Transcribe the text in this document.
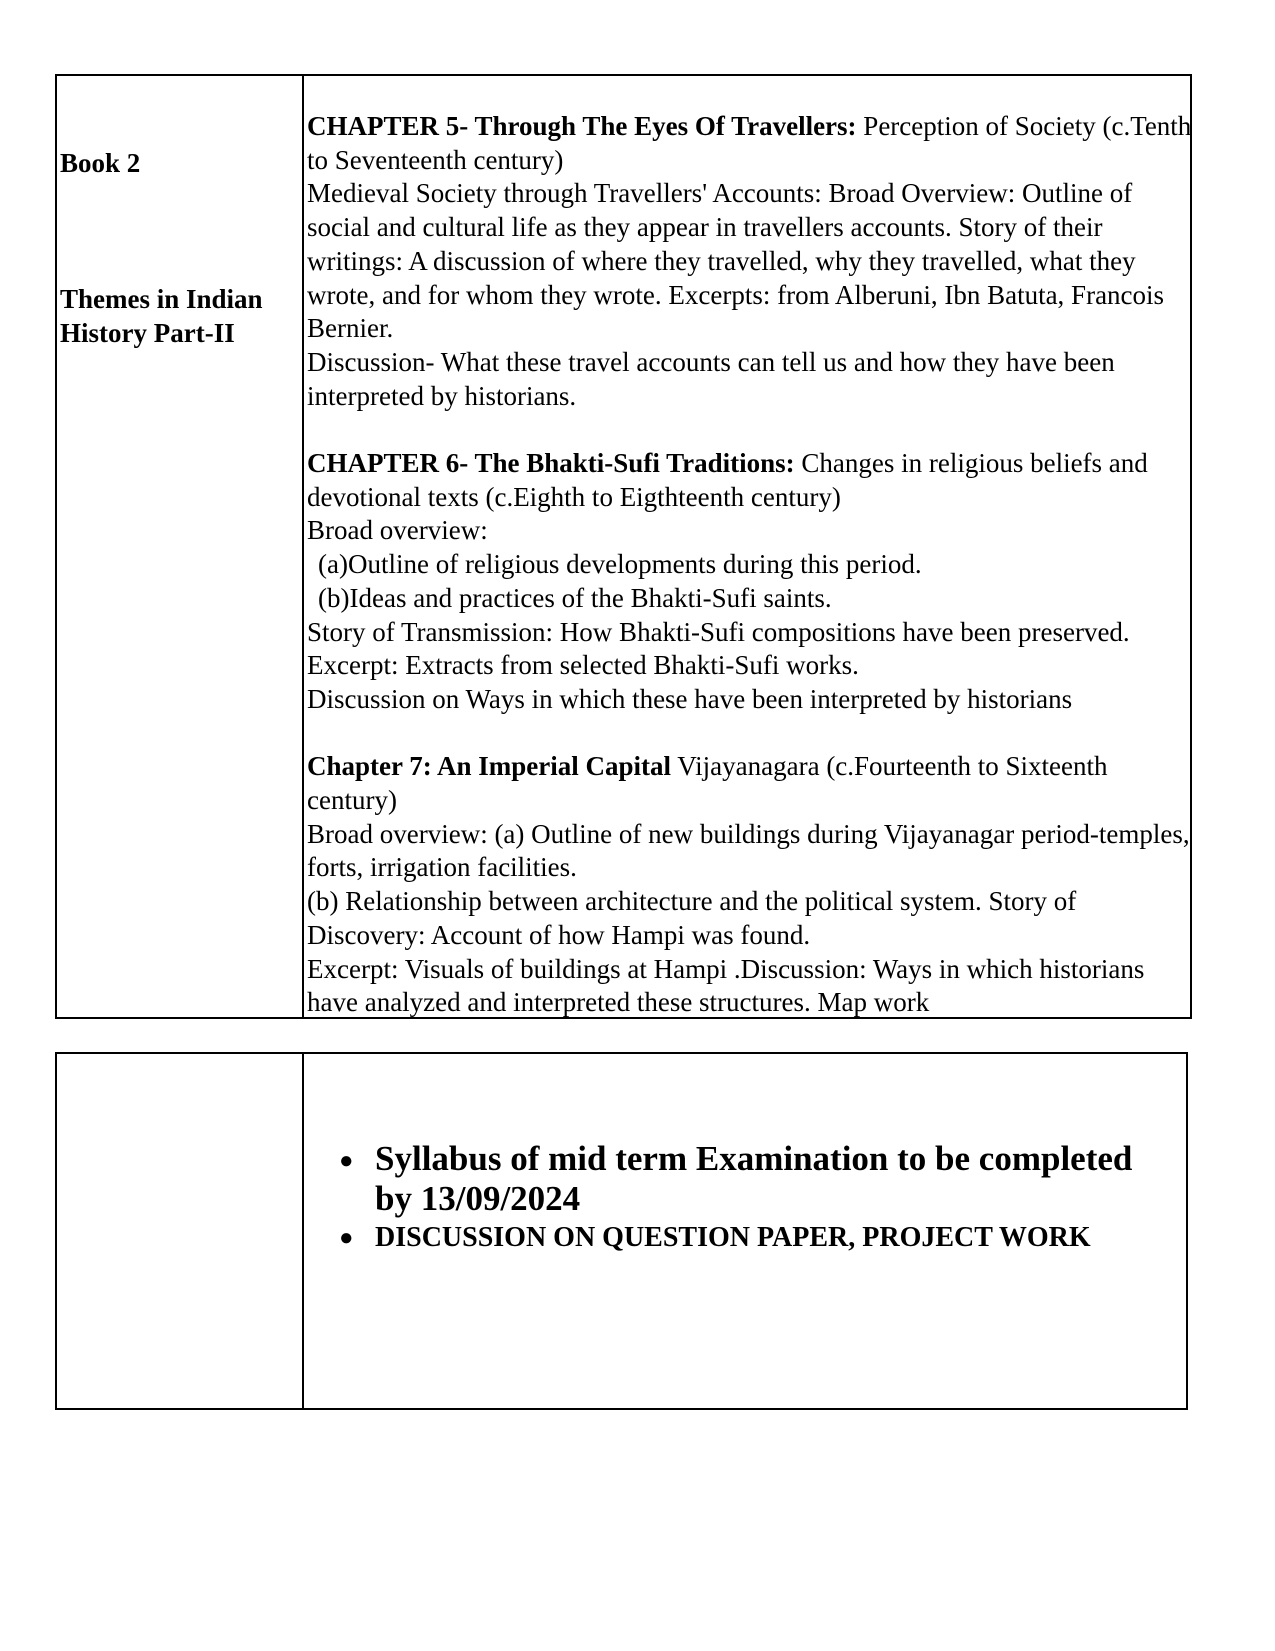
Book 2
Themes in Indian
History Part-II

CHAPTER 5- Through The Eyes Of Travellers: Perception of Society (c.Tenth to Seventeenth century)

Medieval Society through Travellers' Accounts: Broad Overview: Outline of social and cultural life as they appear in travellers accounts. Story of their writings: A discussion of where they travelled, why they travelled, what they wrote, and for whom they wrote. Excerpts: from Alberuni, Ibn Batuta, Francois Bernier.

Discussion- What these travel accounts can tell us and how they have been interpreted by historians.

CHAPTER 6- The Bhakti-Sufi Traditions: Changes in religious beliefs and devotional texts (c.Eighth to Eigthteenth century)

Broad overview:

(a)Outline of religious developments during this period.

(b)Ideas and practices of the Bhakti-Sufi saints.

Story of Transmission: How Bhakti-Sufi compositions have been preserved. Excerpt: Extracts from selected Bhakti-Sufi works.

Discussion on Ways in which these have been interpreted by historians

Chapter 7: An Imperial Capital Vijayanagara (c.Fourteenth to Sixteenth century)

Broad overview: (a) Outline of new buildings during Vijayanagar period-temples, forts, irrigation facilities.

(b) Relationship between architecture and the political system. Story of Discovery: Account of how Hampi was found.

Excerpt: Visuals of buildings at Hampi .Discussion: Ways in which historians have analyzed and interpreted these structures. Map work

● Syllabus of mid term Examination to be completed by 13/09/2024
● DISCUSSION ON QUESTION PAPER, PROJECT WORK
